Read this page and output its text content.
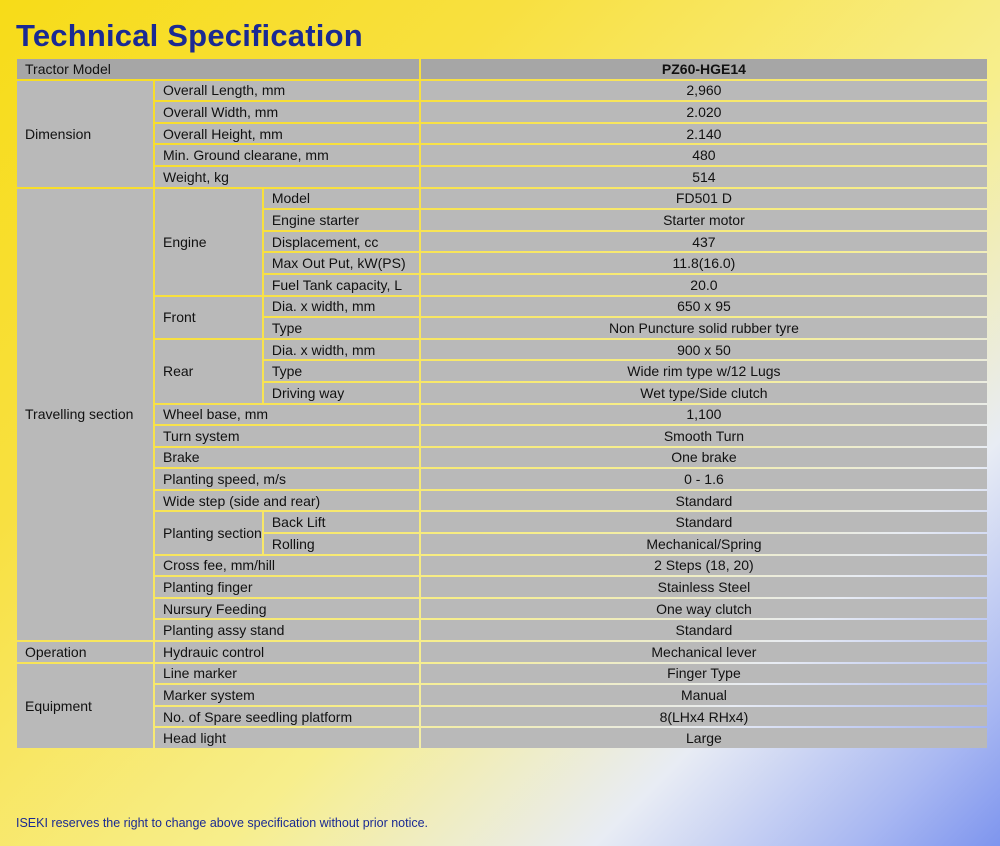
Technical Specification
Tractor Model			PZ60-HGE14
Dimension	Overall Length, mm		2,960
	Overall Width, mm		2.020
	Overall Height, mm		2.140
	Min. Ground clearane, mm		480
	Weight, kg		514
Travelling section	Engine	Model	FD501 D
		Engine starter	Starter motor
		Displacement, cc	437
		Max Out Put, kW(PS)	11.8(16.0)
		Fuel Tank capacity, L	20.0
	Front	Dia. x width, mm	650 x 95
		Type	Non Puncture solid rubber tyre
	Rear	Dia. x width, mm	900 x 50
		Type	Wide rim type w/12 Lugs
		Driving way	Wet type/Side clutch
	Wheel base, mm		1,100
	Turn system		Smooth Turn
	Brake		One brake
	Planting speed, m/s		0 - 1.6
	Wide step (side and rear)		Standard
	Planting section	Back Lift	Standard
		Rolling	Mechanical/Spring
	Cross fee, mm/hill		2 Steps (18, 20)
	Planting finger		Stainless Steel
	Nursury Feeding		One way clutch
	Planting assy stand		Standard
Operation	Hydrauic control		Mechanical lever
Equipment	Line marker		Finger Type
	Marker system		Manual
	No. of Spare seedling platform		8(LHx4 RHx4)
	Head light		Large

ISEKI reserves the right to change above specification without prior notice.
